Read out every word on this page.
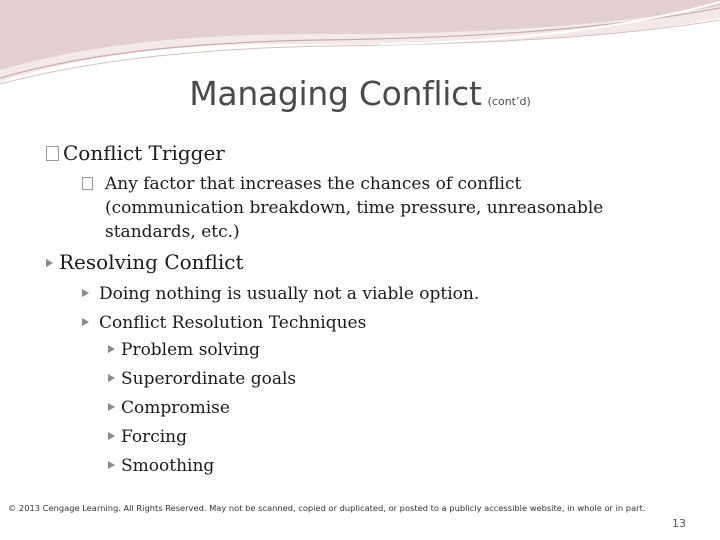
Managing Conflict (cont’d)
Conflict Trigger
Any factor that increases the chances of conflict (communication breakdown, time pressure, unreasonable standards, etc.)
Resolving Conflict
Doing nothing is usually not a viable option.
Conflict Resolution Techniques
Problem solving
Superordinate goals
Compromise
Forcing
Smoothing
© 2013 Cengage Learning. All Rights Reserved. May not be scanned, copied or duplicated, or posted to a publicly accessible website, in whole or in part.
13
